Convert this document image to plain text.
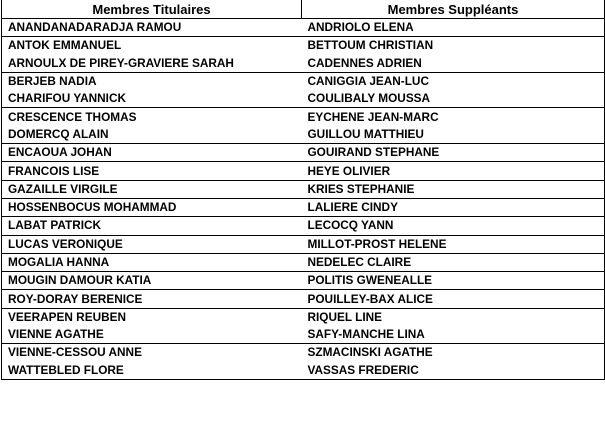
Membres Titulaires	Membres Suppléants
ANANDANADARADJA RAMOU	ANDRIOLO ELENA
ANTOK EMMANUEL	BETTOUM CHRISTIAN
ARNOULX DE PIREY-GRAVIERE SARAH	CADENNES ADRIEN
BERJEB NADIA	CANIGGIA JEAN-LUC
CHARIFOU YANNICK	COULIBALY MOUSSA
CRESCENCE THOMAS	EYCHENE JEAN-MARC
DOMERCQ ALAIN	GUILLOU MATTHIEU
ENCAOUA JOHAN	GOUIRAND STEPHANE
FRANCOIS LISE	HEYE OLIVIER
GAZAILLE VIRGILE	KRIES STEPHANIE
HOSSENBOCUS MOHAMMAD	LALIERE CINDY
LABAT PATRICK	LECOCQ YANN
LUCAS VERONIQUE	MILLOT-PROST HELENE
MOGALIA HANNA	NEDELEC CLAIRE
MOUGIN DAMOUR KATIA	POLITIS GWENEALLE
ROY-DORAY BERENICE	POUILLEY-BAX ALICE
VEERAPEN REUBEN	RIQUEL LINE
VIENNE AGATHE	SAFY-MANCHE LINA
VIENNE-CESSOU ANNE	SZMACINSKI AGATHE
WATTEBLED FLORE	VASSAS FREDERIC
